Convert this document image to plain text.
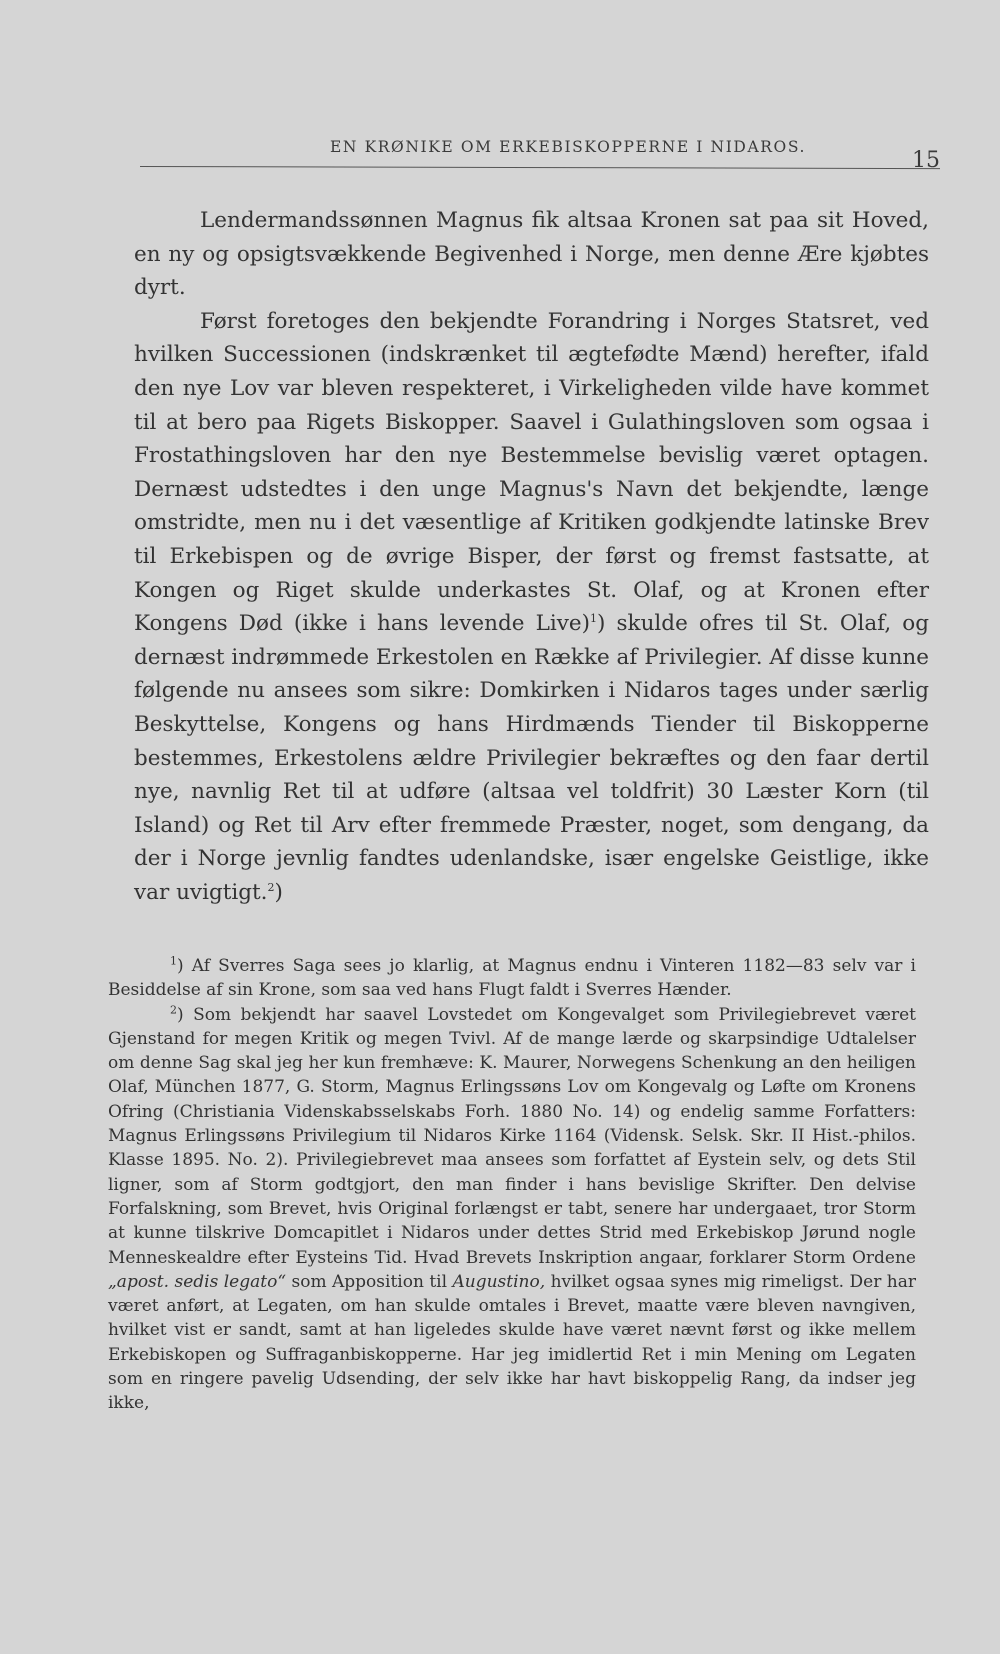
EN KRØNIKE OM ERKEBISKOPPERNE I NIDAROS.
15

Lendermandssønnen Magnus fik altsaa Kronen sat paa sit Hoved, en ny og opsigtsvækkende Begivenhed i Norge, men denne Ære kjøbtes dyrt.

Først foretoges den bekjendte Forandring i Norges Statsret, ved hvilken Successionen (indskrænket til ægtefødte Mænd) herefter, ifald den nye Lov var bleven respekteret, i Virkeligheden vilde have kommet til at bero paa Rigets Biskopper. Saavel i Gulathingsloven som ogsaa i Frostathingsloven har den nye Bestemmelse bevislig været optagen. Dernæst udstedtes i den unge Magnus's Navn det bekjendte, længe omstridte, men nu i det væsentlige af Kritiken godkjendte latinske Brev til Erkebispen og de øvrige Bisper, der først og fremst fastsatte, at Kongen og Riget skulde underkastes St. Olaf, og at Kronen efter Kongens Død (ikke i hans levende Live)$^1$) skulde ofres til St. Olaf, og dernæst indrømmede Erkestolen en Række af Privilegier. Af disse kunne følgende nu ansees som sikre: Domkirken i Nidaros tages under særlig Beskyttelse, Kongens og hans Hirdmænds Tiender til Biskopperne bestemmes, Erkestolens ældre Privilegier bekræftes og den faar dertil nye, navnlig Ret til at udføre (altsaa vel toldfrit) 30 Læster Korn (til Island) og Ret til Arv efter fremmede Præster, noget, som dengang, da der i Norge jevnlig fandtes udenlandske, især engelske Geistlige, ikke var uvigtigt.$^2$)

$^1$) Af Sverres Saga sees jo klarlig, at Magnus endnu i Vinteren 1182—83 selv var i Besiddelse af sin Krone, som saa ved hans Flugt faldt i Sverres Hænder.

$^2$) Som bekjendt har saavel Lovstedet om Kongevalget som Privilegiebrevet været Gjenstand for megen Kritik og megen Tvivl. Af de mange lærde og skarpsindige Udtalelser om denne Sag skal jeg her kun fremhæve: K. Maurer, Norwegens Schenkung an den heiligen Olaf, München 1877, G. Storm, Magnus Erlingssøns Lov om Kongevalg og Løfte om Kronens Ofring (Christiania Videnskabsselskabs Forh. 1880 No. 14) og endelig samme Forfatters: Magnus Erlingssøns Privilegium til Nidaros Kirke 1164 (Vidensk. Selsk. Skr. II Hist.-philos. Klasse 1895. No. 2). Privilegiebrevet maa ansees som forfattet af Eystein selv, og dets Stil ligner, som af Storm godtgjort, den man finder i hans bevislige Skrifter. Den delvise Forfalskning, som Brevet, hvis Original forlængst er tabt, senere har undergaaet, tror Storm at kunne tilskrive Domcapitlet i Nidaros under dettes Strid med Erkebiskop Jørund nogle Menneskealdre efter Eysteins Tid. Hvad Brevets Inskription angaar, forklarer Storm Ordene „apost. sedis legato“ som Apposition til Augustino, hvilket ogsaa synes mig rimeligst. Der har været anført, at Legaten, om han skulde omtales i Brevet, maatte være bleven navngiven, hvilket vist er sandt, samt at han ligeledes skulde have været nævnt først og ikke mellem Erkebiskopen og Suffraganbiskopperne. Har jeg imidlertid Ret i min Mening om Legaten som en ringere pavelig Udsending, der selv ikke har havt biskoppelig Rang, da indser jeg ikke,
